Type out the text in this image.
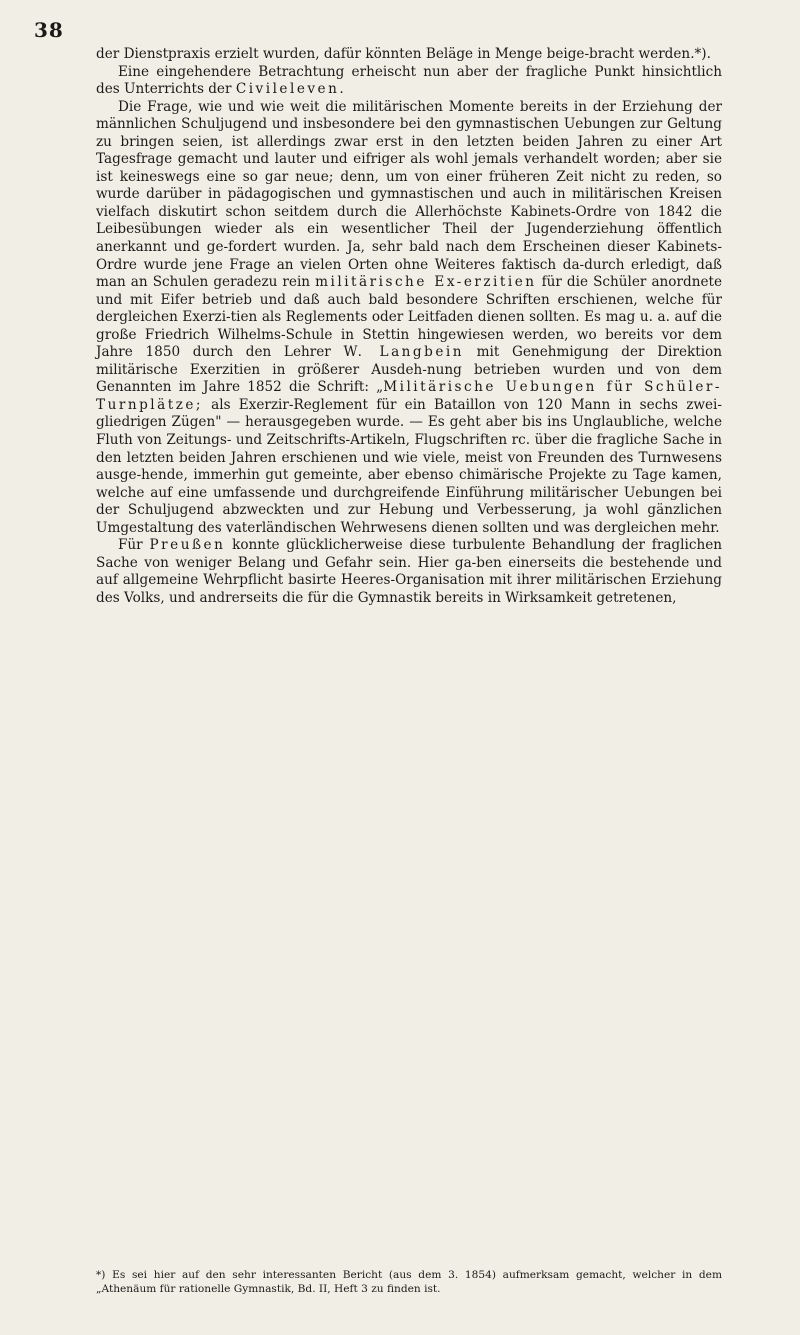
38

der Dienstpraxis erzielt wurden, dafür könnten Beläge in Menge beige-bracht werden.*).

Eine eingehendere Betrachtung erheischt nun aber der fragliche Punkt hinsichtlich des Unterrichts der Civileleven.

Die Frage, wie und wie weit die militärischen Momente bereits in der Erziehung der männlichen Schuljugend und insbesondere bei den gymnastischen Uebungen zur Geltung zu bringen seien, ist allerdings zwar erst in den letzten beiden Jahren zu einer Art Tagesfrage gemacht und lauter und eifriger als wohl jemals verhandelt worden; aber sie ist keineswegs eine so gar neue; denn, um von einer früheren Zeit nicht zu reden, so wurde darüber in pädagogischen und gymnastischen und auch in militärischen Kreisen vielfach diskutirt schon seitdem durch die Allerhöchste Kabinets-Ordre von 1842 die Leibesübungen wieder als ein wesentlicher Theil der Jugenderziehung öffentlich anerkannt und ge-fordert wurden. Ja, sehr bald nach dem Erscheinen dieser Kabinets-Ordre wurde jene Frage an vielen Orten ohne Weiteres faktisch da-durch erledigt, daß man an Schulen geradezu rein militärische Ex-erzitien für die Schüler anordnete und mit Eifer betrieb und daß auch bald besondere Schriften erschienen, welche für dergleichen Exerzi-tien als Reglements oder Leitfaden dienen sollten. Es mag u. a. auf die große Friedrich Wilhelms-Schule in Stettin hingewiesen werden, wo bereits vor dem Jahre 1850 durch den Lehrer W. Langbein mit Genehmigung der Direktion militärische Exerzitien in größerer Ausdeh-nung betrieben wurden und von dem Genannten im Jahre 1852 die Schrift: „Militärische Uebungen für Schüler-Turnplätze; als Exerzir-Reglement für ein Bataillon von 120 Mann in sechs zwei-gliedrigen Zügen" — herausgegeben wurde. — Es geht aber bis ins Unglaubliche, welche Fluth von Zeitungs- und Zeitschrifts-Artikeln, Flugschriften rc. über die fragliche Sache in den letzten beiden Jahren erschienen und wie viele, meist von Freunden des Turnwesens ausge-hende, immerhin gut gemeinte, aber ebenso chimärische Projekte zu Tage kamen, welche auf eine umfassende und durchgreifende Einführung militärischer Uebungen bei der Schuljugend abzweckten und zur Hebung und Verbesserung, ja wohl gänzlichen Umgestaltung des vaterländischen Wehrwesens dienen sollten und was dergleichen mehr.

Für Preußen konnte glücklicherweise diese turbulente Behandlung der fraglichen Sache von weniger Belang und Gefahr sein. Hier ga-ben einerseits die bestehende und auf allgemeine Wehrpflicht basirte Heeres-Organisation mit ihrer militärischen Erziehung des Volks, und andrerseits die für die Gymnastik bereits in Wirksamkeit getretenen,

*) Es sei hier auf den sehr interessanten Bericht (aus dem 3. 1854) aufmerksam gemacht, welcher in dem „Athenäum für rationelle Gymnastik, Bd. II, Heft 3 zu finden ist.
